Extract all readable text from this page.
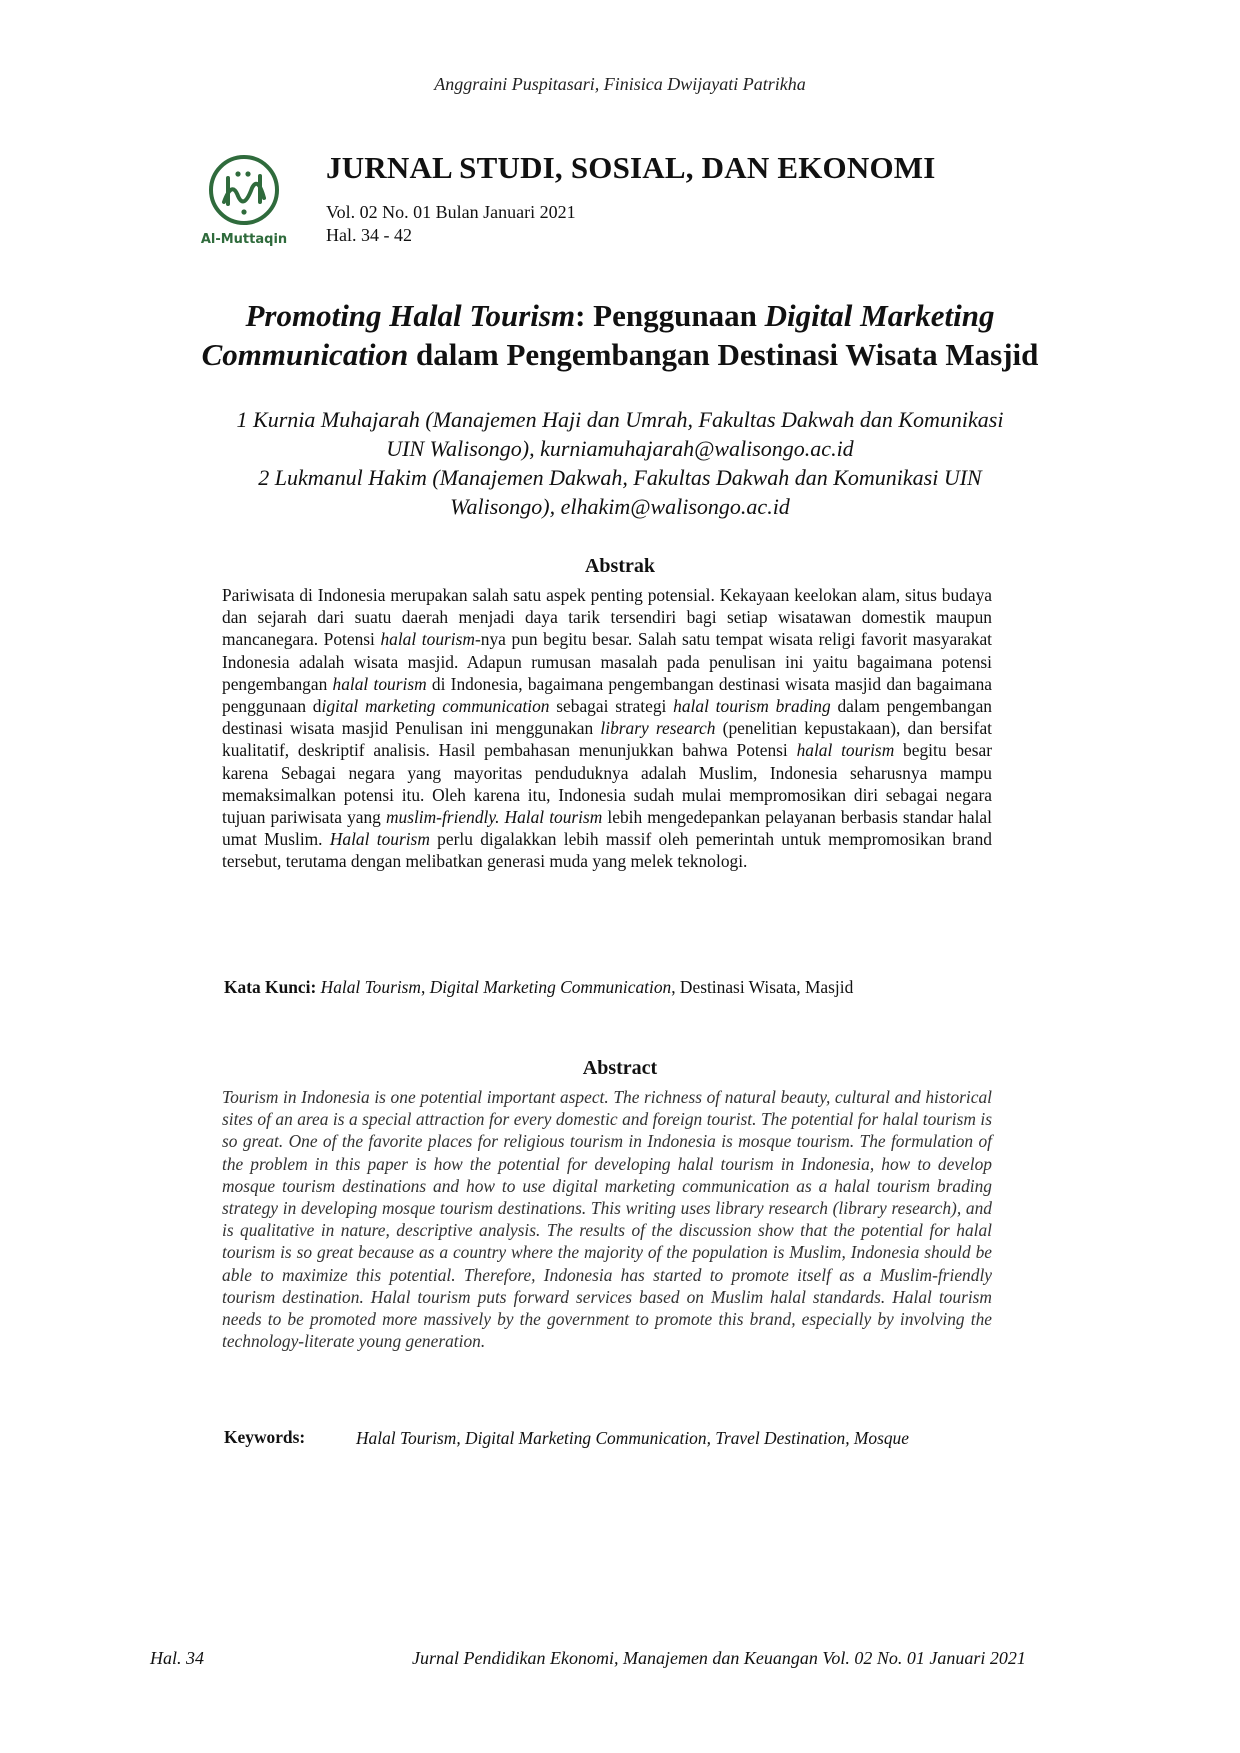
Anggraini Puspitasari, Finisica Dwijayati Patrikha
Al-Muttaqin
JURNAL STUDI, SOSIAL, DAN EKONOMI
Vol. 02 No. 01 Bulan Januari 2021
Hal. 34 - 42
Promoting Halal Tourism: Penggunaan Digital Marketing
Communication dalam Pengembangan Destinasi Wisata Masjid
1 Kurnia Muhajarah (Manajemen Haji dan Umrah, Fakultas Dakwah dan Komunikasi
UIN Walisongo), kurniamuhajarah@walisongo.ac.id
2 Lukmanul Hakim (Manajemen Dakwah, Fakultas Dakwah dan Komunikasi UIN
Walisongo), elhakim@walisongo.ac.id
Abstrak
Pariwisata di Indonesia merupakan salah satu aspek penting potensial. Kekayaan keelokan alam, situs budaya dan sejarah dari suatu daerah menjadi daya tarik tersendiri bagi setiap wisatawan domestik maupun mancanegara. Potensi halal tourism-nya pun begitu besar. Salah satu tempat wisata religi favorit masyarakat Indonesia adalah wisata masjid. Adapun rumusan masalah pada penulisan ini yaitu bagaimana potensi pengembangan halal tourism di Indonesia, bagaimana pengembangan destinasi wisata masjid dan bagaimana penggunaan digital marketing communication sebagai strategi halal tourism brading dalam pengembangan destinasi wisata masjid Penulisan ini menggunakan library research (penelitian kepustakaan), dan bersifat kualitatif, deskriptif analisis. Hasil pembahasan menunjukkan bahwa Potensi halal tourism begitu besar karena Sebagai negara yang mayoritas penduduknya adalah Muslim, Indonesia seharusnya mampu memaksimalkan potensi itu. Oleh karena itu, Indonesia sudah mulai mempromosikan diri sebagai negara tujuan pariwisata yang muslim-friendly. Halal tourism lebih mengedepankan pelayanan berbasis standar halal umat Muslim. Halal tourism perlu digalakkan lebih massif oleh pemerintah untuk mempromosikan brand tersebut, terutama dengan melibatkan generasi muda yang melek teknologi.
Kata Kunci: Halal Tourism, Digital Marketing Communication, Destinasi Wisata, Masjid
Abstract
Tourism in Indonesia is one potential important aspect. The richness of natural beauty, cultural and historical sites of an area is a special attraction for every domestic and foreign tourist. The potential for halal tourism is so great. One of the favorite places for religious tourism in Indonesia is mosque tourism. The formulation of the problem in this paper is how the potential for developing halal tourism in Indonesia, how to develop mosque tourism destinations and how to use digital marketing communication as a halal tourism brading strategy in developing mosque tourism destinations. This writing uses library research (library research), and is qualitative in nature, descriptive analysis. The results of the discussion show that the potential for halal tourism is so great because as a country where the majority of the population is Muslim, Indonesia should be able to maximize this potential. Therefore, Indonesia has started to promote itself as a Muslim-friendly tourism destination. Halal tourism puts forward services based on Muslim halal standards. Halal tourism needs to be promoted more massively by the government to promote this brand, especially by involving the technology-literate young generation.
Keywords:	Halal Tourism, Digital Marketing Communication, Travel Destination, Mosque
Hal. 34	Jurnal Pendidikan Ekonomi, Manajemen dan Keuangan Vol. 02 No. 01 Januari 2021
